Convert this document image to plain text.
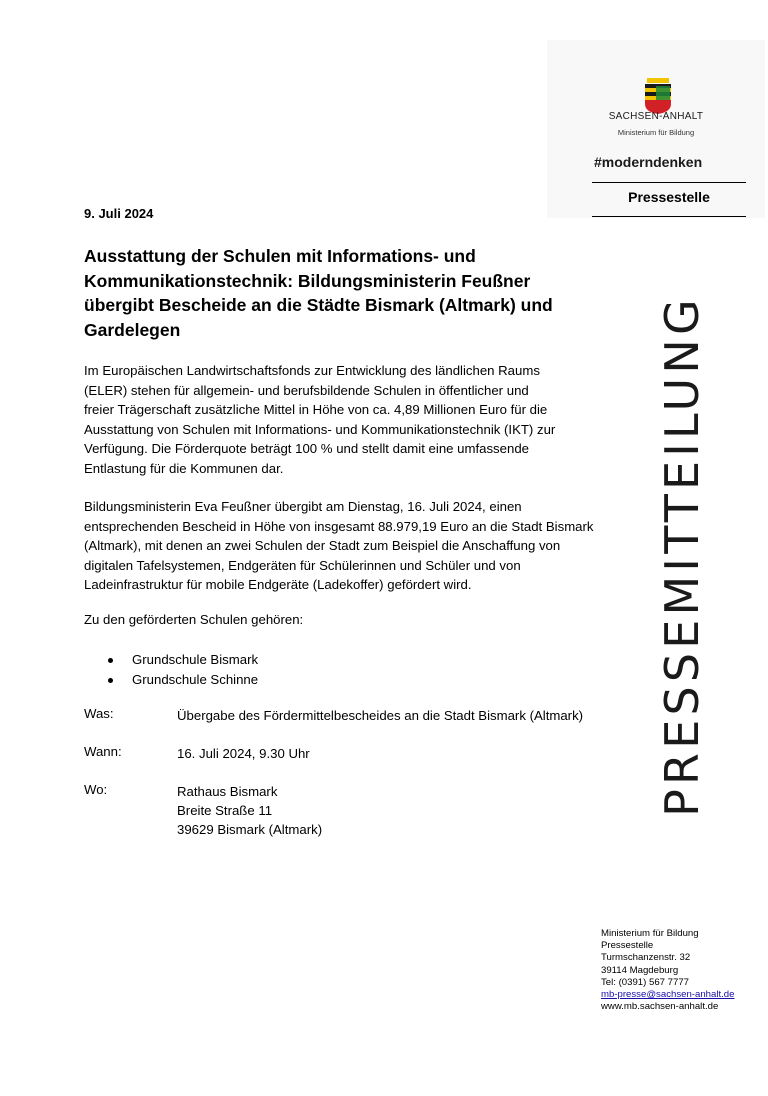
SACHSEN-ANHALT
Ministerium für Bildung
#moderndenken
Pressestelle
PRESSEMITTEILUNG
9. Juli 2024
Ausstattung der Schulen mit Informations- und
Kommunikationstechnik: Bildungsministerin Feußner
übergibt Bescheide an die Städte Bismark (Altmark) und
Gardelegen
Im Europäischen Landwirtschaftsfonds zur Entwicklung des ländlichen Raums
(ELER) stehen für allgemein- und berufsbildende Schulen in öffentlicher und
freier Trägerschaft zusätzliche Mittel in Höhe von ca. 4,89 Millionen Euro für die
Ausstattung von Schulen mit Informations- und Kommunikationstechnik (IKT) zur
Verfügung. Die Förderquote beträgt 100 % und stellt damit eine umfassende
Entlastung für die Kommunen dar.
Bildungsministerin Eva Feußner übergibt am Dienstag, 16. Juli 2024, einen
entsprechenden Bescheid in Höhe von insgesamt 88.979,19 Euro an die Stadt Bismark
(Altmark), mit denen an zwei Schulen der Stadt zum Beispiel die Anschaffung von
digitalen Tafelsystemen, Endgeräten für Schülerinnen und Schüler und von
Ladeinfrastruktur für mobile Endgeräte (Ladekoffer) gefördert wird.
Zu den geförderten Schulen gehören:
Grundschule Bismark
Grundschule Schinne
Was:	Übergabe des Fördermittelbescheides an die Stadt Bismark (Altmark)
Wann:	16. Juli 2024, 9.30 Uhr
Wo:	Rathaus Bismark
Breite Straße 11
39629 Bismark (Altmark)
Ministerium für Bildung
Pressestelle
Turmschanzenstr. 32
39114 Magdeburg
Tel: (0391) 567 7777
mb-presse@sachsen-anhalt.de
www.mb.sachsen-anhalt.de
